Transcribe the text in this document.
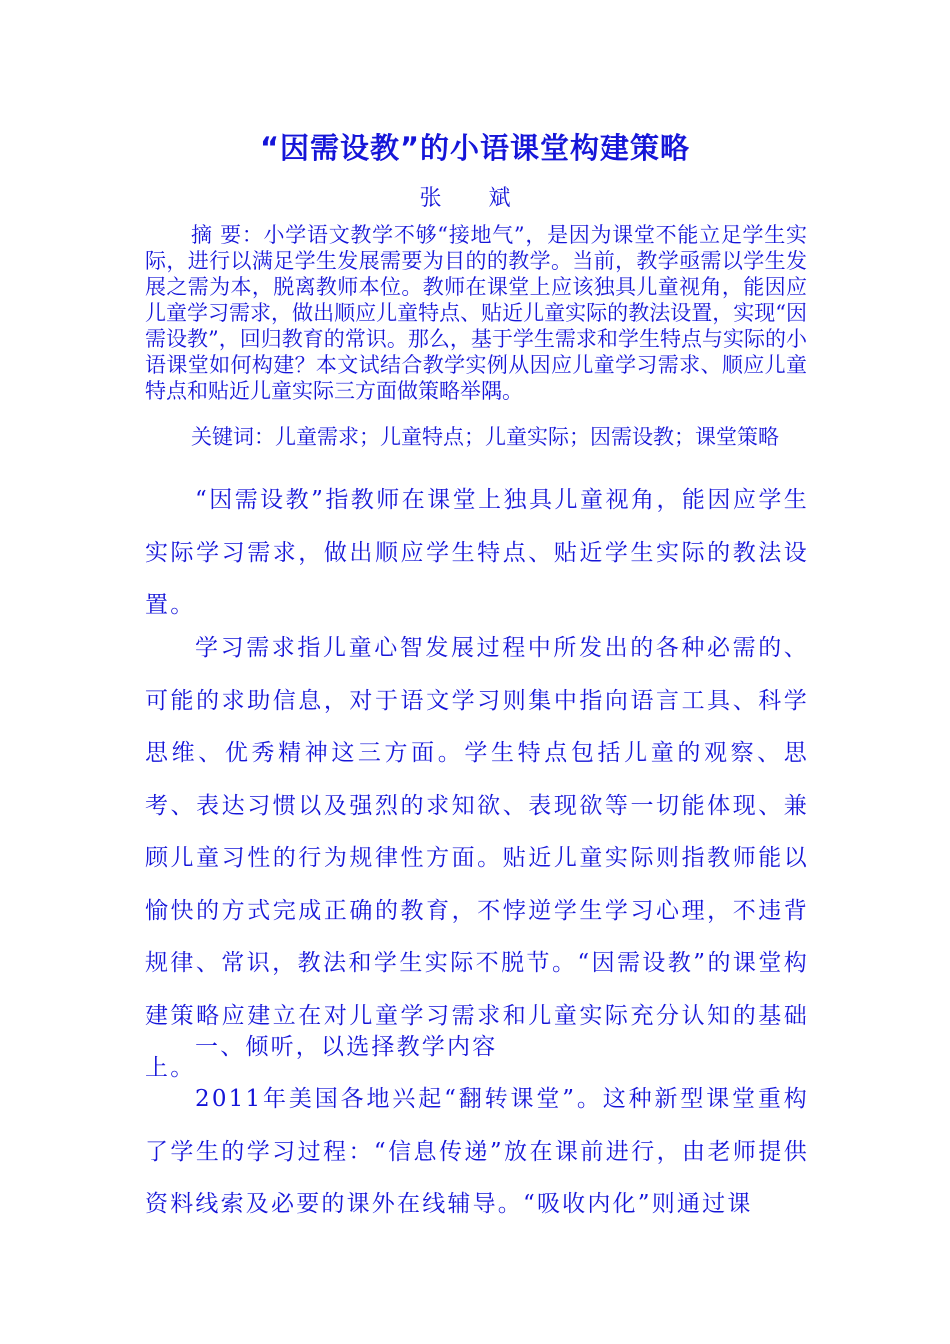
“因需设教”的小语课堂构建策略
张 斌

摘 要：小学语文教学不够“接地气”，是因为课堂不能立足学生实际，进行以满足学生发展需要为目的的教学。当前，教学亟需以学生发展之需为本，脱离教师本位。教师在课堂上应该独具儿童视角，能因应儿童学习需求，做出顺应儿童特点、贴近儿童实际的教法设置，实现“因需设教”，回归教育的常识。那么，基于学生需求和学生特点与实际的小语课堂如何构建？本文试结合教学实例从因应儿童学习需求、顺应儿童特点和贴近儿童实际三方面做策略举隅。

关键词：儿童需求；儿童特点；儿童实际；因需设教；课堂策略

“因需设教”指教师在课堂上独具儿童视角，能因应学生实际学习需求，做出顺应学生特点、贴近学生实际的教法设置。

学习需求指儿童心智发展过程中所发出的各种必需的、可能的求助信息，对于语文学习则集中指向语言工具、科学思维、优秀精神这三方面。学生特点包括儿童的观察、思考、表达习惯以及强烈的求知欲、表现欲等一切能体现、兼顾儿童习性的行为规律性方面。贴近儿童实际则指教师能以愉快的方式完成正确的教育，不悖逆学生学习心理，不违背规律、常识，教法和学生实际不脱节。“因需设教”的课堂构建策略应建立在对儿童学习需求和儿童实际充分认知的基础上。

一、倾听，以选择教学内容

2011年美国各地兴起“翻转课堂”。这种新型课堂重构了学生的学习过程：“信息传递”放在课前进行，由老师提供资料线索及必要的课外在线辅导。“吸收内化”则通过课
